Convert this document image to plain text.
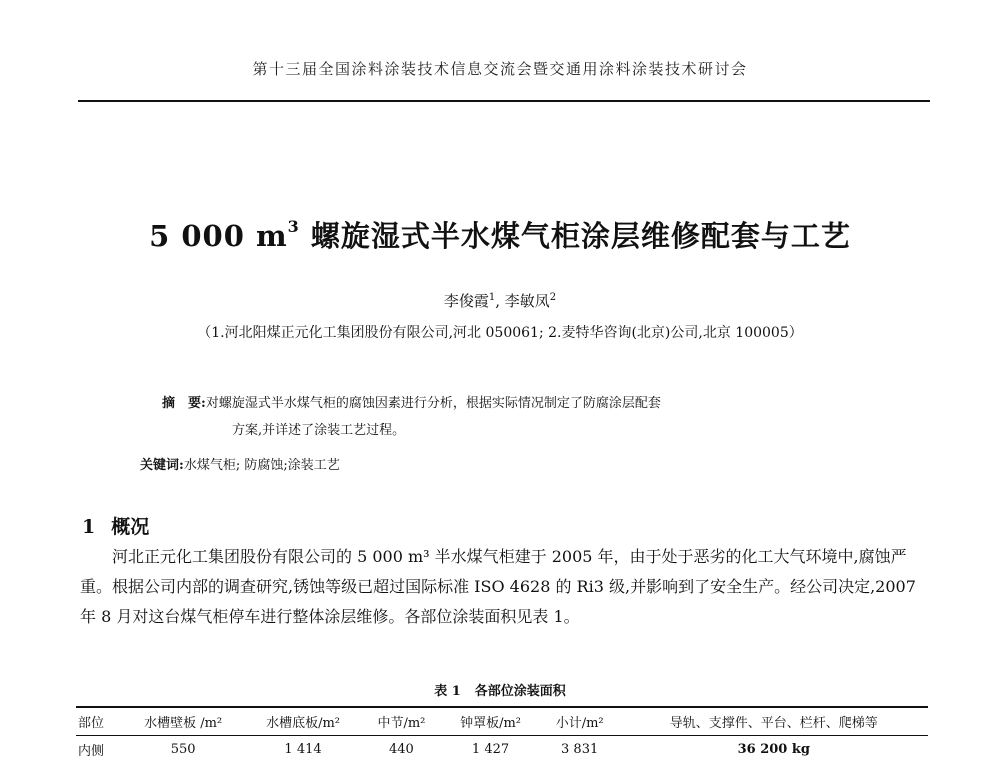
第十三届全国涂料涂装技术信息交流会暨交通用涂料涂装技术研讨会
5 000 $m^3$ 螺旋湿式半水煤气柜涂层维修配套与工艺
李俊霞$^1$, 李敏凤$^2$
（1.河北阳煤正元化工集团股份有限公司,河北 050061; 2.麦特华咨询(北京)公司,北京 100005）
摘　要:对螺旋湿式半水煤气柜的腐蚀因素进行分析，根据实际情况制定了防腐涂层配套
方案,并详述了涂装工艺过程。
关键词:水煤气柜; 防腐蚀;涂装工艺
1 概况

河北正元化工集团股份有限公司的 5 000 m³ 半水煤气柜建于 2005 年，由于处于恶劣的化工大气环境中,腐蚀严重。根据公司内部的调查研究,锈蚀等级已超过国际标准 ISO 4628 的 Ri3 级,并影响到了安全生产。经公司决定,2007 年 8 月对这台煤气柜停车进行整体涂层维修。各部位涂装面积见表 1。

表 1 各部位涂装面积
部位	水槽壁板 /m²	水槽底板/m²	中节/m²	钟罩板/m²	小计/m²	导轨、支撑件、平台、栏杆、爬梯等
内侧	550	1 414	440	1 427	3 831	36 200 kg
